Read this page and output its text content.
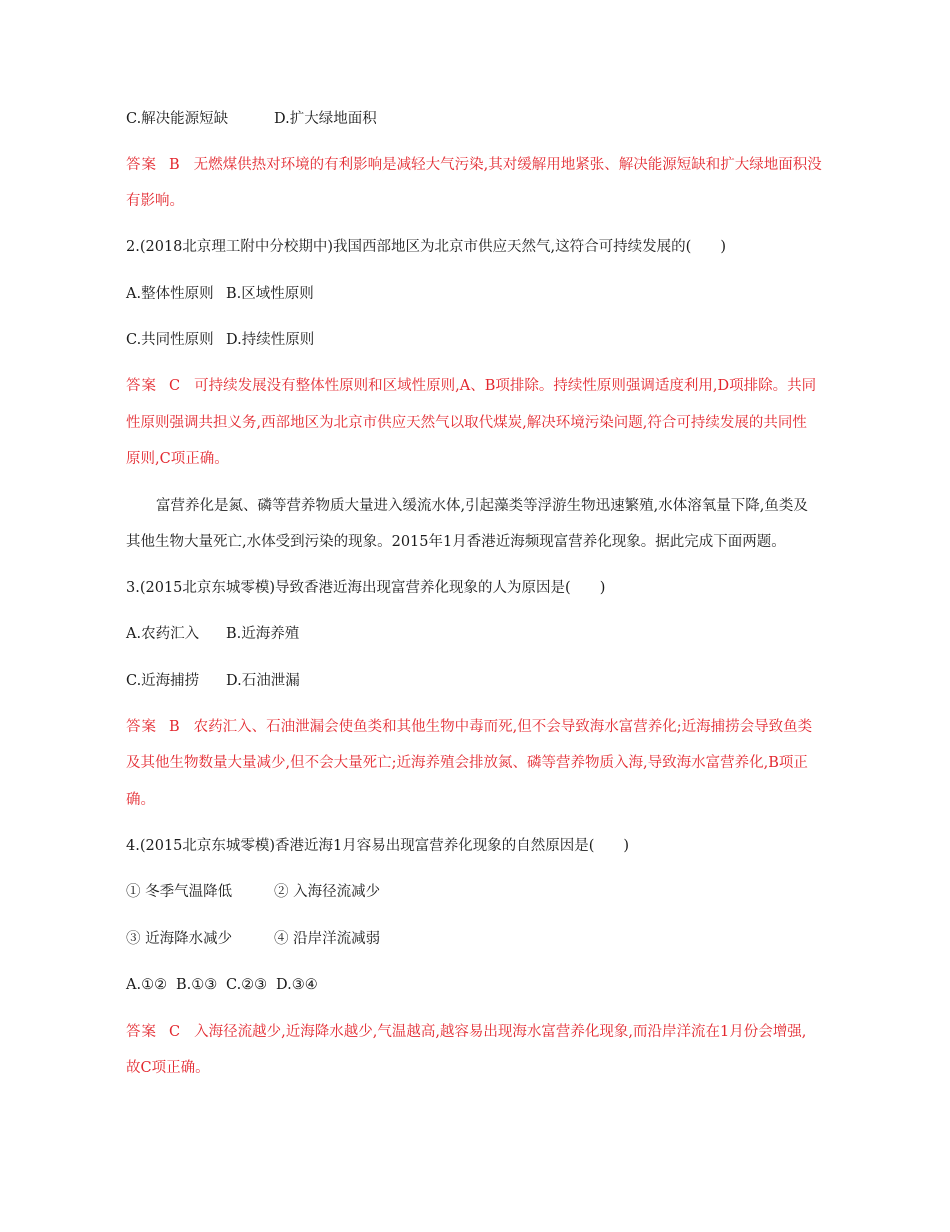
C.解决能源短缺	D.扩大绿地面积
答案 B 无燃煤供热对环境的有利影响是减轻大气污染,其对缓解用地紧张、解决能源短缺和扩大绿地面积没
有影响。
2.(2018北京理工附中分校期中)我国西部地区为北京市供应天然气,这符合可持续发展的(　　)
A.整体性原则 B.区域性原则
C.共同性原则 D.持续性原则
答案 C 可持续发展没有整体性原则和区域性原则,A、B项排除。持续性原则强调适度利用,D项排除。共同
性原则强调共担义务,西部地区为北京市供应天然气以取代煤炭,解决环境污染问题,符合可持续发展的共同性
原则,C项正确。
富营养化是氮、磷等营养物质大量进入缓流水体,引起藻类等浮游生物迅速繁殖,水体溶氧量下降,鱼类及
其他生物大量死亡,水体受到污染的现象。2015年1月香港近海频现富营养化现象。据此完成下面两题。
3.(2015北京东城零模)导致香港近海出现富营养化现象的人为原因是(　　)
A.农药汇入 B.近海养殖
C.近海捕捞 D.石油泄漏
答案 B 农药汇入、石油泄漏会使鱼类和其他生物中毒而死,但不会导致海水富营养化;近海捕捞会导致鱼类
及其他生物数量大量减少,但不会大量死亡;近海养殖会排放氮、磷等营养物质入海,导致海水富营养化,B项正
确。
4.(2015北京东城零模)香港近海1月容易出现富营养化现象的自然原因是(　　)
① 冬季气温降低	② 入海径流减少
③ 近海降水减少	④ 沿岸洋流减弱
A.①② B.①③ C.②③ D.③④
答案 C 入海径流越少,近海降水越少,气温越高,越容易出现海水富营养化现象,而沿岸洋流在1月份会增强,
故C项正确。
